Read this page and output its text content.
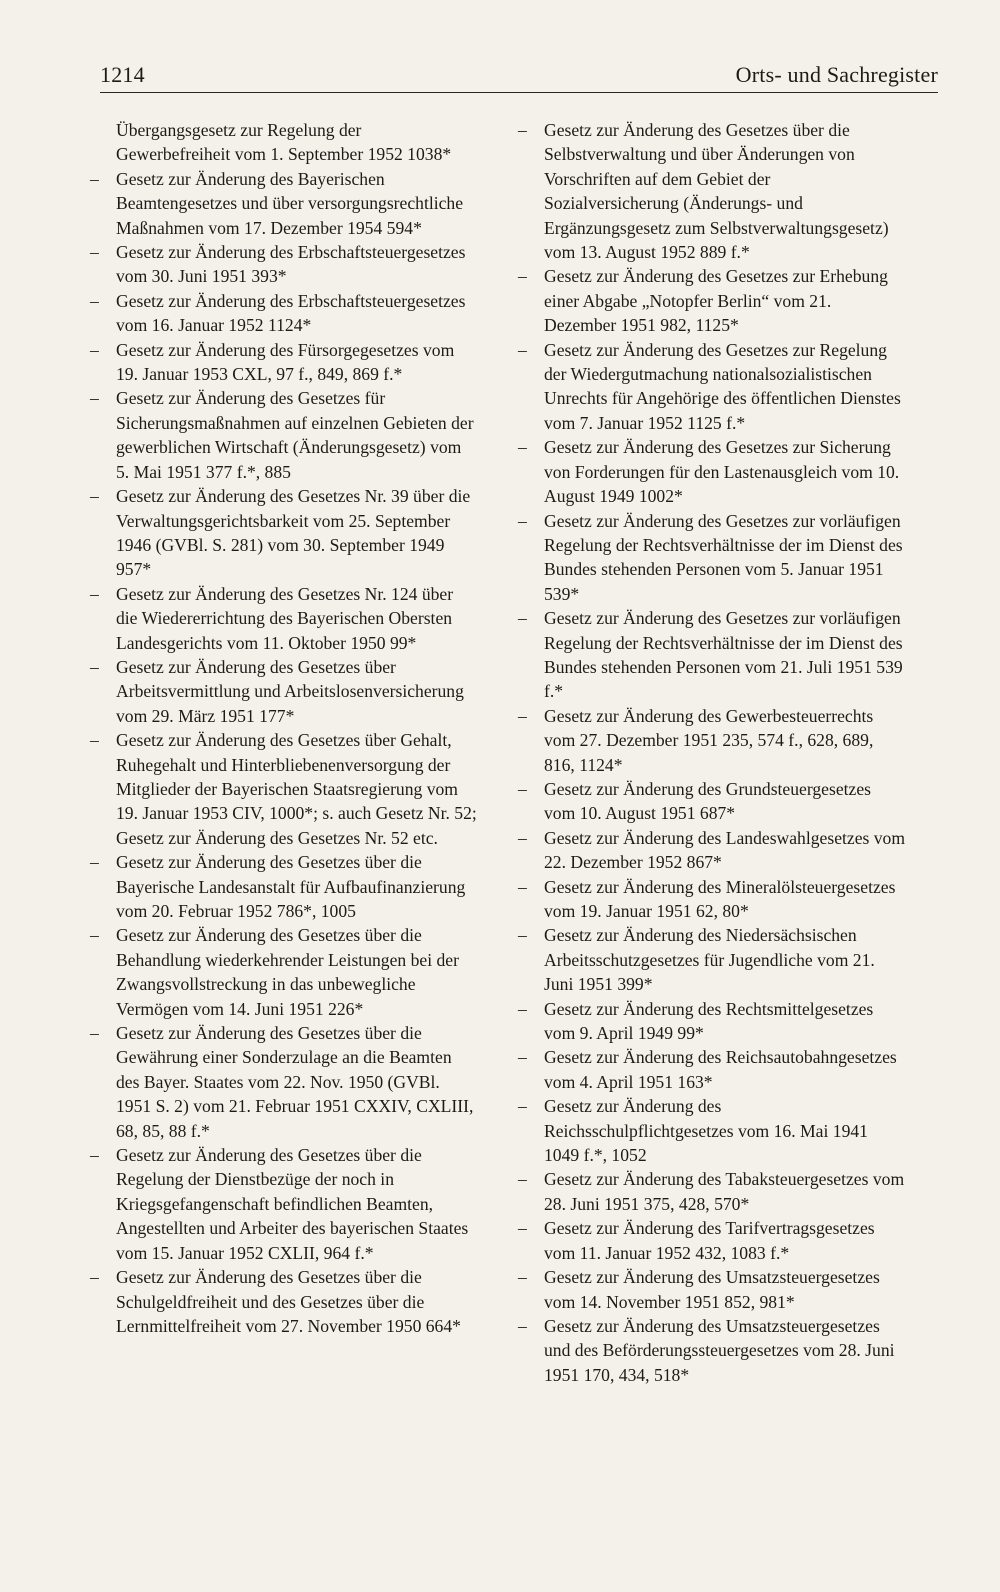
1214	Orts- und Sachregister
Übergangsgesetz zur Regelung der Gewerbefreiheit vom 1. September 1952 1038*
– Gesetz zur Änderung des Bayerischen Beamtengesetzes und über versorgungsrechtliche Maßnahmen vom 17. Dezember 1954 594*
– Gesetz zur Änderung des Erbschaftsteuergesetzes vom 30. Juni 1951 393*
– Gesetz zur Änderung des Erbschaftsteuergesetzes vom 16. Januar 1952 1124*
– Gesetz zur Änderung des Fürsorgegesetzes vom 19. Januar 1953 CXL, 97 f., 849, 869 f.*
– Gesetz zur Änderung des Gesetzes für Sicherungsmaßnahmen auf einzelnen Gebieten der gewerblichen Wirtschaft (Änderungsgesetz) vom 5. Mai 1951 377 f.*, 885
– Gesetz zur Änderung des Gesetzes Nr. 39 über die Verwaltungsgerichtsbarkeit vom 25. September 1946 (GVBl. S. 281) vom 30. September 1949 957*
– Gesetz zur Änderung des Gesetzes Nr. 124 über die Wiedererrichtung des Bayerischen Obersten Landesgerichts vom 11. Oktober 1950 99*
– Gesetz zur Änderung des Gesetzes über Arbeitsvermittlung und Arbeitslosenversicherung vom 29. März 1951 177*
– Gesetz zur Änderung des Gesetzes über Gehalt, Ruhegehalt und Hinterbliebenenversorgung der Mitglieder der Bayerischen Staatsregierung vom 19. Januar 1953 CIV, 1000*; s. auch Gesetz Nr. 52; Gesetz zur Änderung des Gesetzes Nr. 52 etc.
– Gesetz zur Änderung des Gesetzes über die Bayerische Landesanstalt für Aufbaufinanzierung vom 20. Februar 1952 786*, 1005
– Gesetz zur Änderung des Gesetzes über die Behandlung wiederkehrender Leistungen bei der Zwangsvollstreckung in das unbewegliche Vermögen vom 14. Juni 1951 226*
– Gesetz zur Änderung des Gesetzes über die Gewährung einer Sonderzulage an die Beamten des Bayer. Staates vom 22. Nov. 1950 (GVBl. 1951 S. 2) vom 21. Februar 1951 CXXIV, CXLIII, 68, 85, 88 f.*
– Gesetz zur Änderung des Gesetzes über die Regelung der Dienstbezüge der noch in Kriegsgefangenschaft befindlichen Beamten, Angestellten und Arbeiter des bayerischen Staates vom 15. Januar 1952 CXLII, 964 f.*
– Gesetz zur Änderung des Gesetzes über die Schulgeldfreiheit und des Gesetzes über die Lernmittelfreiheit vom 27. November 1950 664*
– Gesetz zur Änderung des Gesetzes über die Selbstverwaltung und über Änderungen von Vorschriften auf dem Gebiet der Sozialversicherung (Änderungs- und Ergänzungsgesetz zum Selbstverwaltungsgesetz) vom 13. August 1952 889 f.*
– Gesetz zur Änderung des Gesetzes zur Erhebung einer Abgabe „Notopfer Berlin“ vom 21. Dezember 1951 982, 1125*
– Gesetz zur Änderung des Gesetzes zur Regelung der Wiedergutmachung nationalsozialistischen Unrechts für Angehörige des öffentlichen Dienstes vom 7. Januar 1952 1125 f.*
– Gesetz zur Änderung des Gesetzes zur Sicherung von Forderungen für den Lastenausgleich vom 10. August 1949 1002*
– Gesetz zur Änderung des Gesetzes zur vorläufigen Regelung der Rechtsverhältnisse der im Dienst des Bundes stehenden Personen vom 5. Januar 1951 539*
– Gesetz zur Änderung des Gesetzes zur vorläufigen Regelung der Rechtsverhältnisse der im Dienst des Bundes stehenden Personen vom 21. Juli 1951 539 f.*
– Gesetz zur Änderung des Gewerbesteuerrechts vom 27. Dezember 1951 235, 574 f., 628, 689, 816, 1124*
– Gesetz zur Änderung des Grundsteuergesetzes vom 10. August 1951 687*
– Gesetz zur Änderung des Landeswahlgesetzes vom 22. Dezember 1952 867*
– Gesetz zur Änderung des Mineralölsteuergesetzes vom 19. Januar 1951 62, 80*
– Gesetz zur Änderung des Niedersächsischen Arbeitsschutzgesetzes für Jugendliche vom 21. Juni 1951 399*
– Gesetz zur Änderung des Rechtsmittelgesetzes vom 9. April 1949 99*
– Gesetz zur Änderung des Reichsautobahngesetzes vom 4. April 1951 163*
– Gesetz zur Änderung des Reichsschulpflichtgesetzes vom 16. Mai 1941 1049 f.*, 1052
– Gesetz zur Änderung des Tabaksteuergesetzes vom 28. Juni 1951 375, 428, 570*
– Gesetz zur Änderung des Tarifvertragsgesetzes vom 11. Januar 1952 432, 1083 f.*
– Gesetz zur Änderung des Umsatzsteuergesetzes vom 14. November 1951 852, 981*
– Gesetz zur Änderung des Umsatzsteuergesetzes und des Beförderungssteuergesetzes vom 28. Juni 1951 170, 434, 518*
